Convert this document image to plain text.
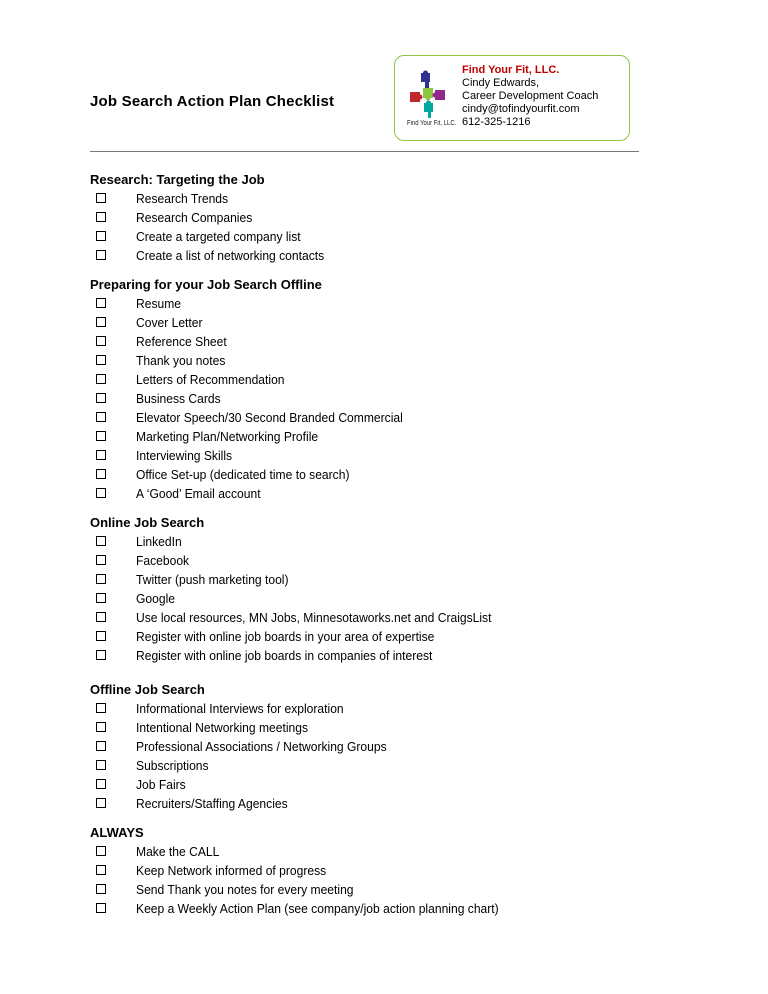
Job Search Action Plan Checklist
Find Your Fit, LLC.
Find Your Fit, LLC.
Cindy Edwards,
Career Development Coach
cindy@tofindyourfit.com
612-325-1216
Research: Targeting the Job
Research Trends
Research Companies
Create a targeted company list
Create a list of networking contacts
Preparing for your Job Search Offline
Resume
Cover Letter
Reference Sheet
Thank you notes
Letters of Recommendation
Business Cards
Elevator Speech/30 Second Branded Commercial
Marketing Plan/Networking Profile
Interviewing Skills
Office Set-up (dedicated time to search)
A ‘Good’ Email account
Online Job Search
LinkedIn
Facebook
Twitter (push marketing tool)
Google
Use local resources, MN Jobs, Minnesotaworks.net and CraigsList
Register with online job boards in your area of expertise
Register with online job boards in companies of interest
Offline Job Search
Informational Interviews for exploration
Intentional Networking meetings
Professional Associations / Networking Groups
Subscriptions
Job Fairs
Recruiters/Staffing Agencies
ALWAYS
Make the CALL
Keep Network informed of progress
Send Thank you notes for every meeting
Keep a Weekly Action Plan (see company/job action planning chart)
